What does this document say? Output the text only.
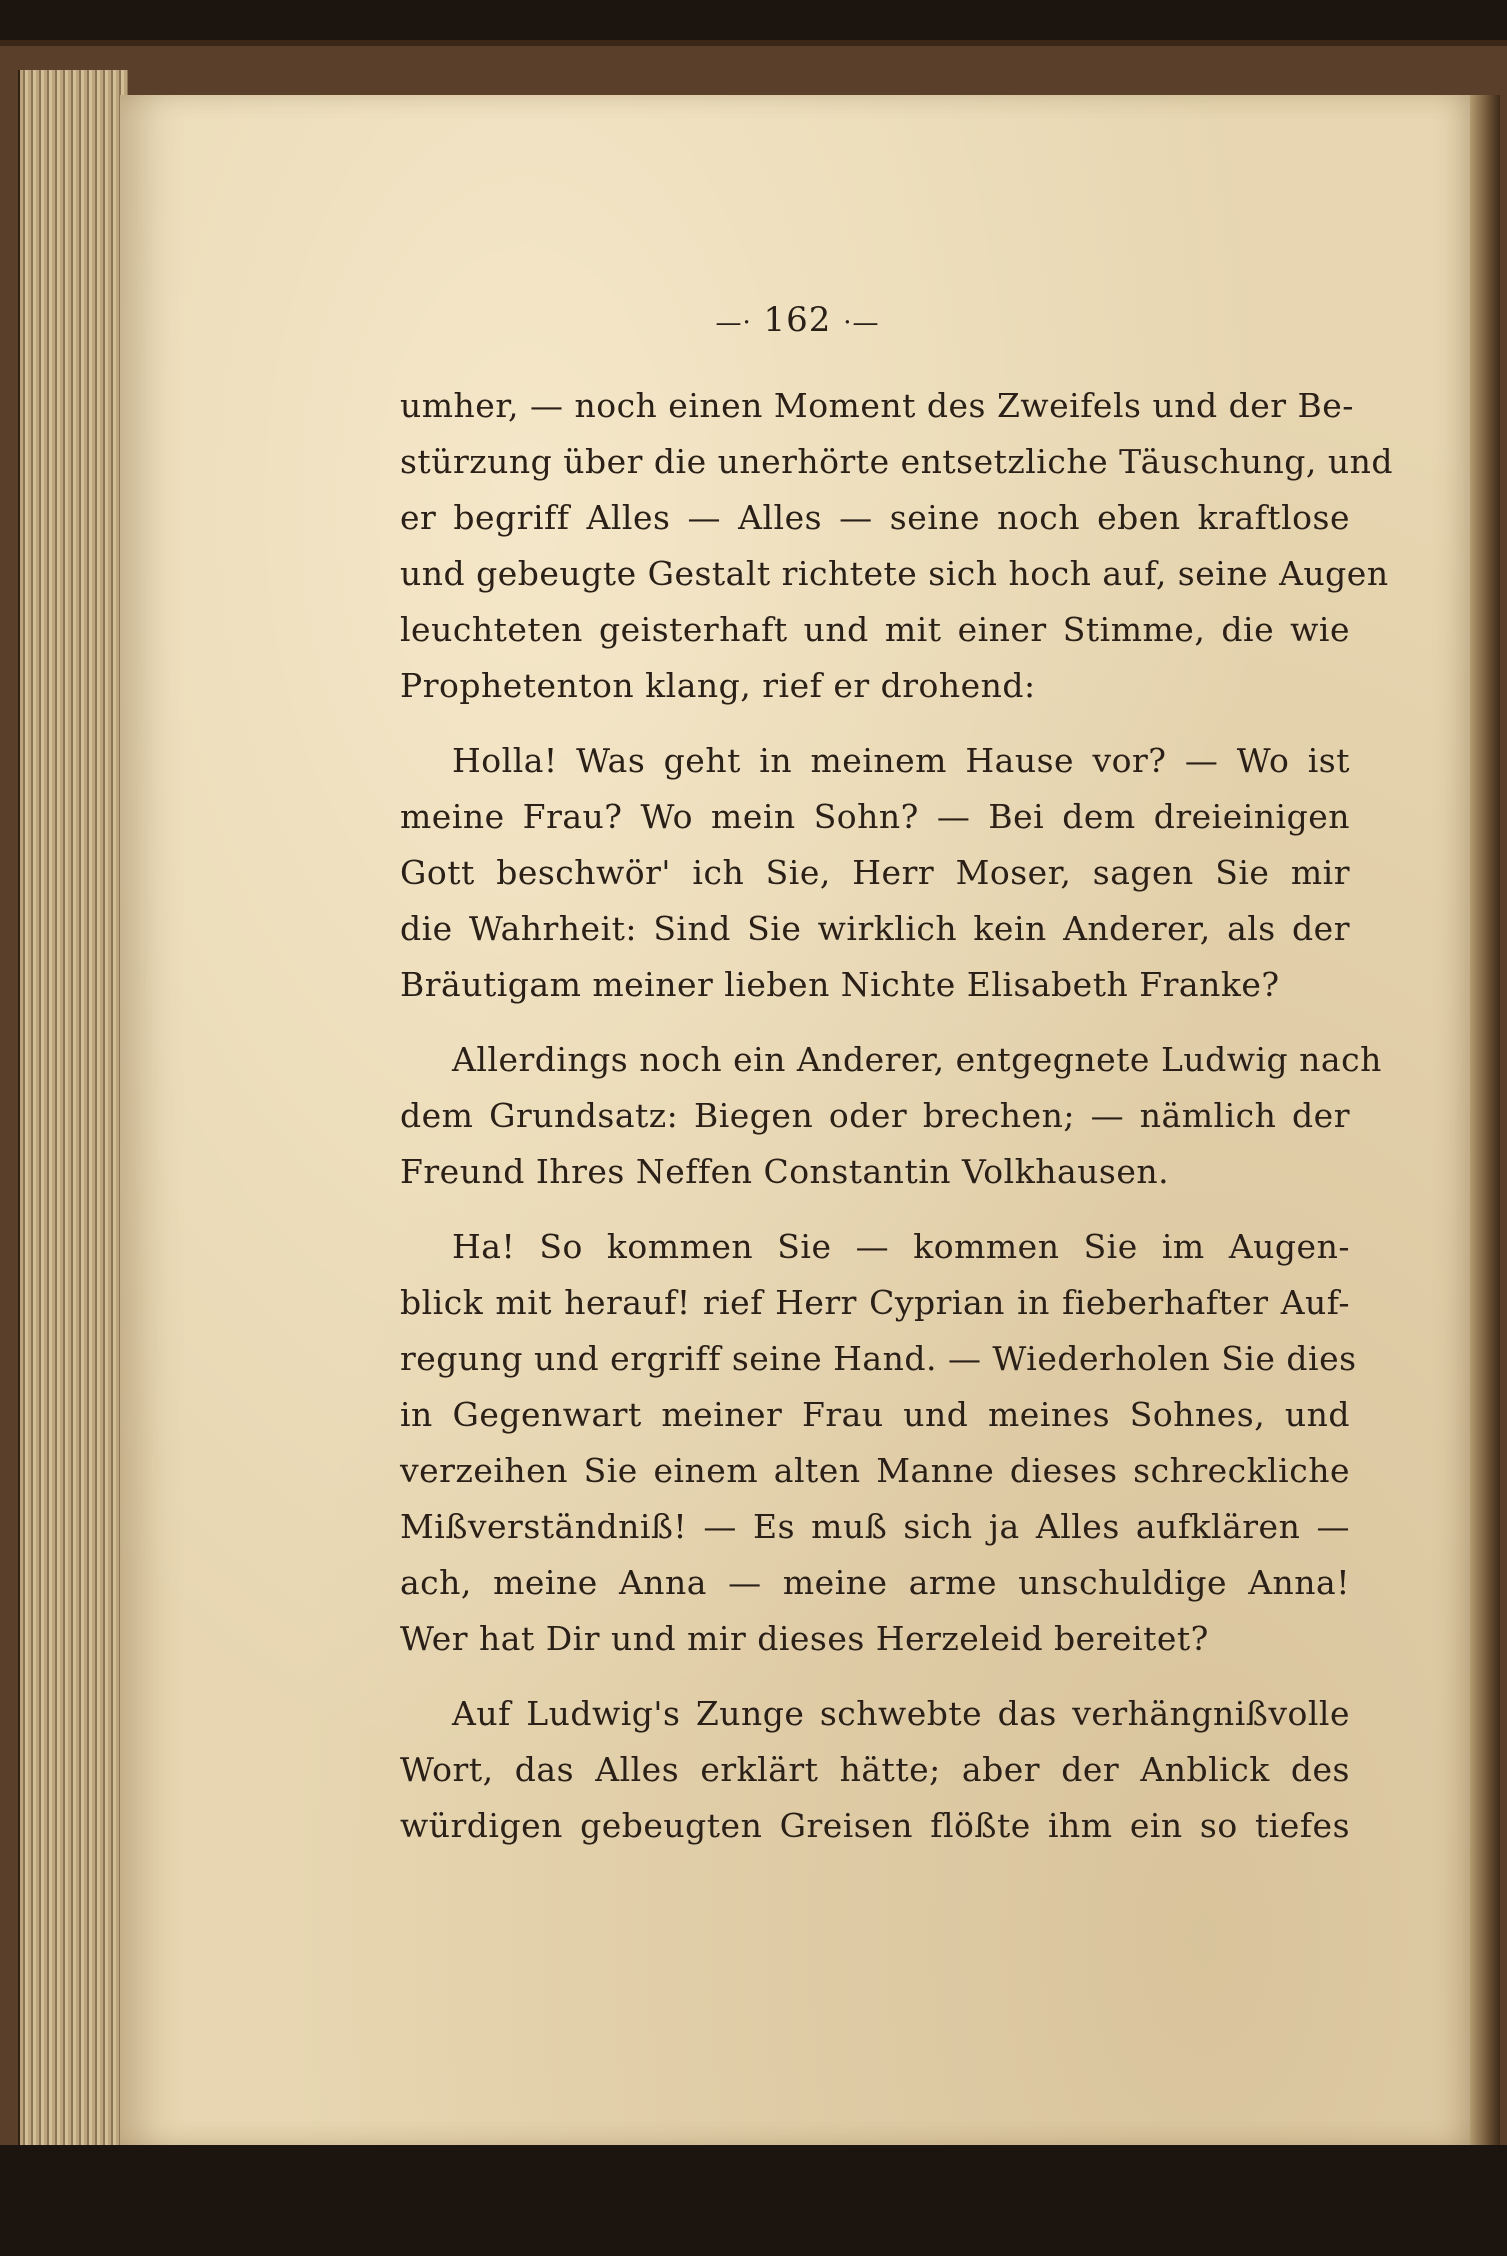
—· 162 ·—
umher, — noch einen Moment des Zweifels und der Be-
stürzung über die unerhörte entsetzliche Täuschung, und
er begriff Alles — Alles — seine noch eben kraftlose
und gebeugte Gestalt richtete sich hoch auf, seine Augen
leuchteten geisterhaft und mit einer Stimme, die wie
Prophetenton klang, rief er drohend:
Holla! Was geht in meinem Hause vor? — Wo ist
meine Frau? Wo mein Sohn? — Bei dem dreieinigen
Gott beschwör' ich Sie, Herr Moser, sagen Sie mir
die Wahrheit: Sind Sie wirklich kein Anderer, als der
Bräutigam meiner lieben Nichte Elisabeth Franke?
Allerdings noch ein Anderer, entgegnete Ludwig nach
dem Grundsatz: Biegen oder brechen; — nämlich der
Freund Ihres Neffen Constantin Volkhausen.
Ha! So kommen Sie — kommen Sie im Augen-
blick mit herauf! rief Herr Cyprian in fieberhafter Auf-
regung und ergriff seine Hand. — Wiederholen Sie dies
in Gegenwart meiner Frau und meines Sohnes, und
verzeihen Sie einem alten Manne dieses schreckliche
Mißverständniß! — Es muß sich ja Alles aufklären —
ach, meine Anna — meine arme unschuldige Anna!
Wer hat Dir und mir dieses Herzeleid bereitet?
Auf Ludwig's Zunge schwebte das verhängnißvolle
Wort, das Alles erklärt hätte; aber der Anblick des
würdigen gebeugten Greisen flößte ihm ein so tiefes
